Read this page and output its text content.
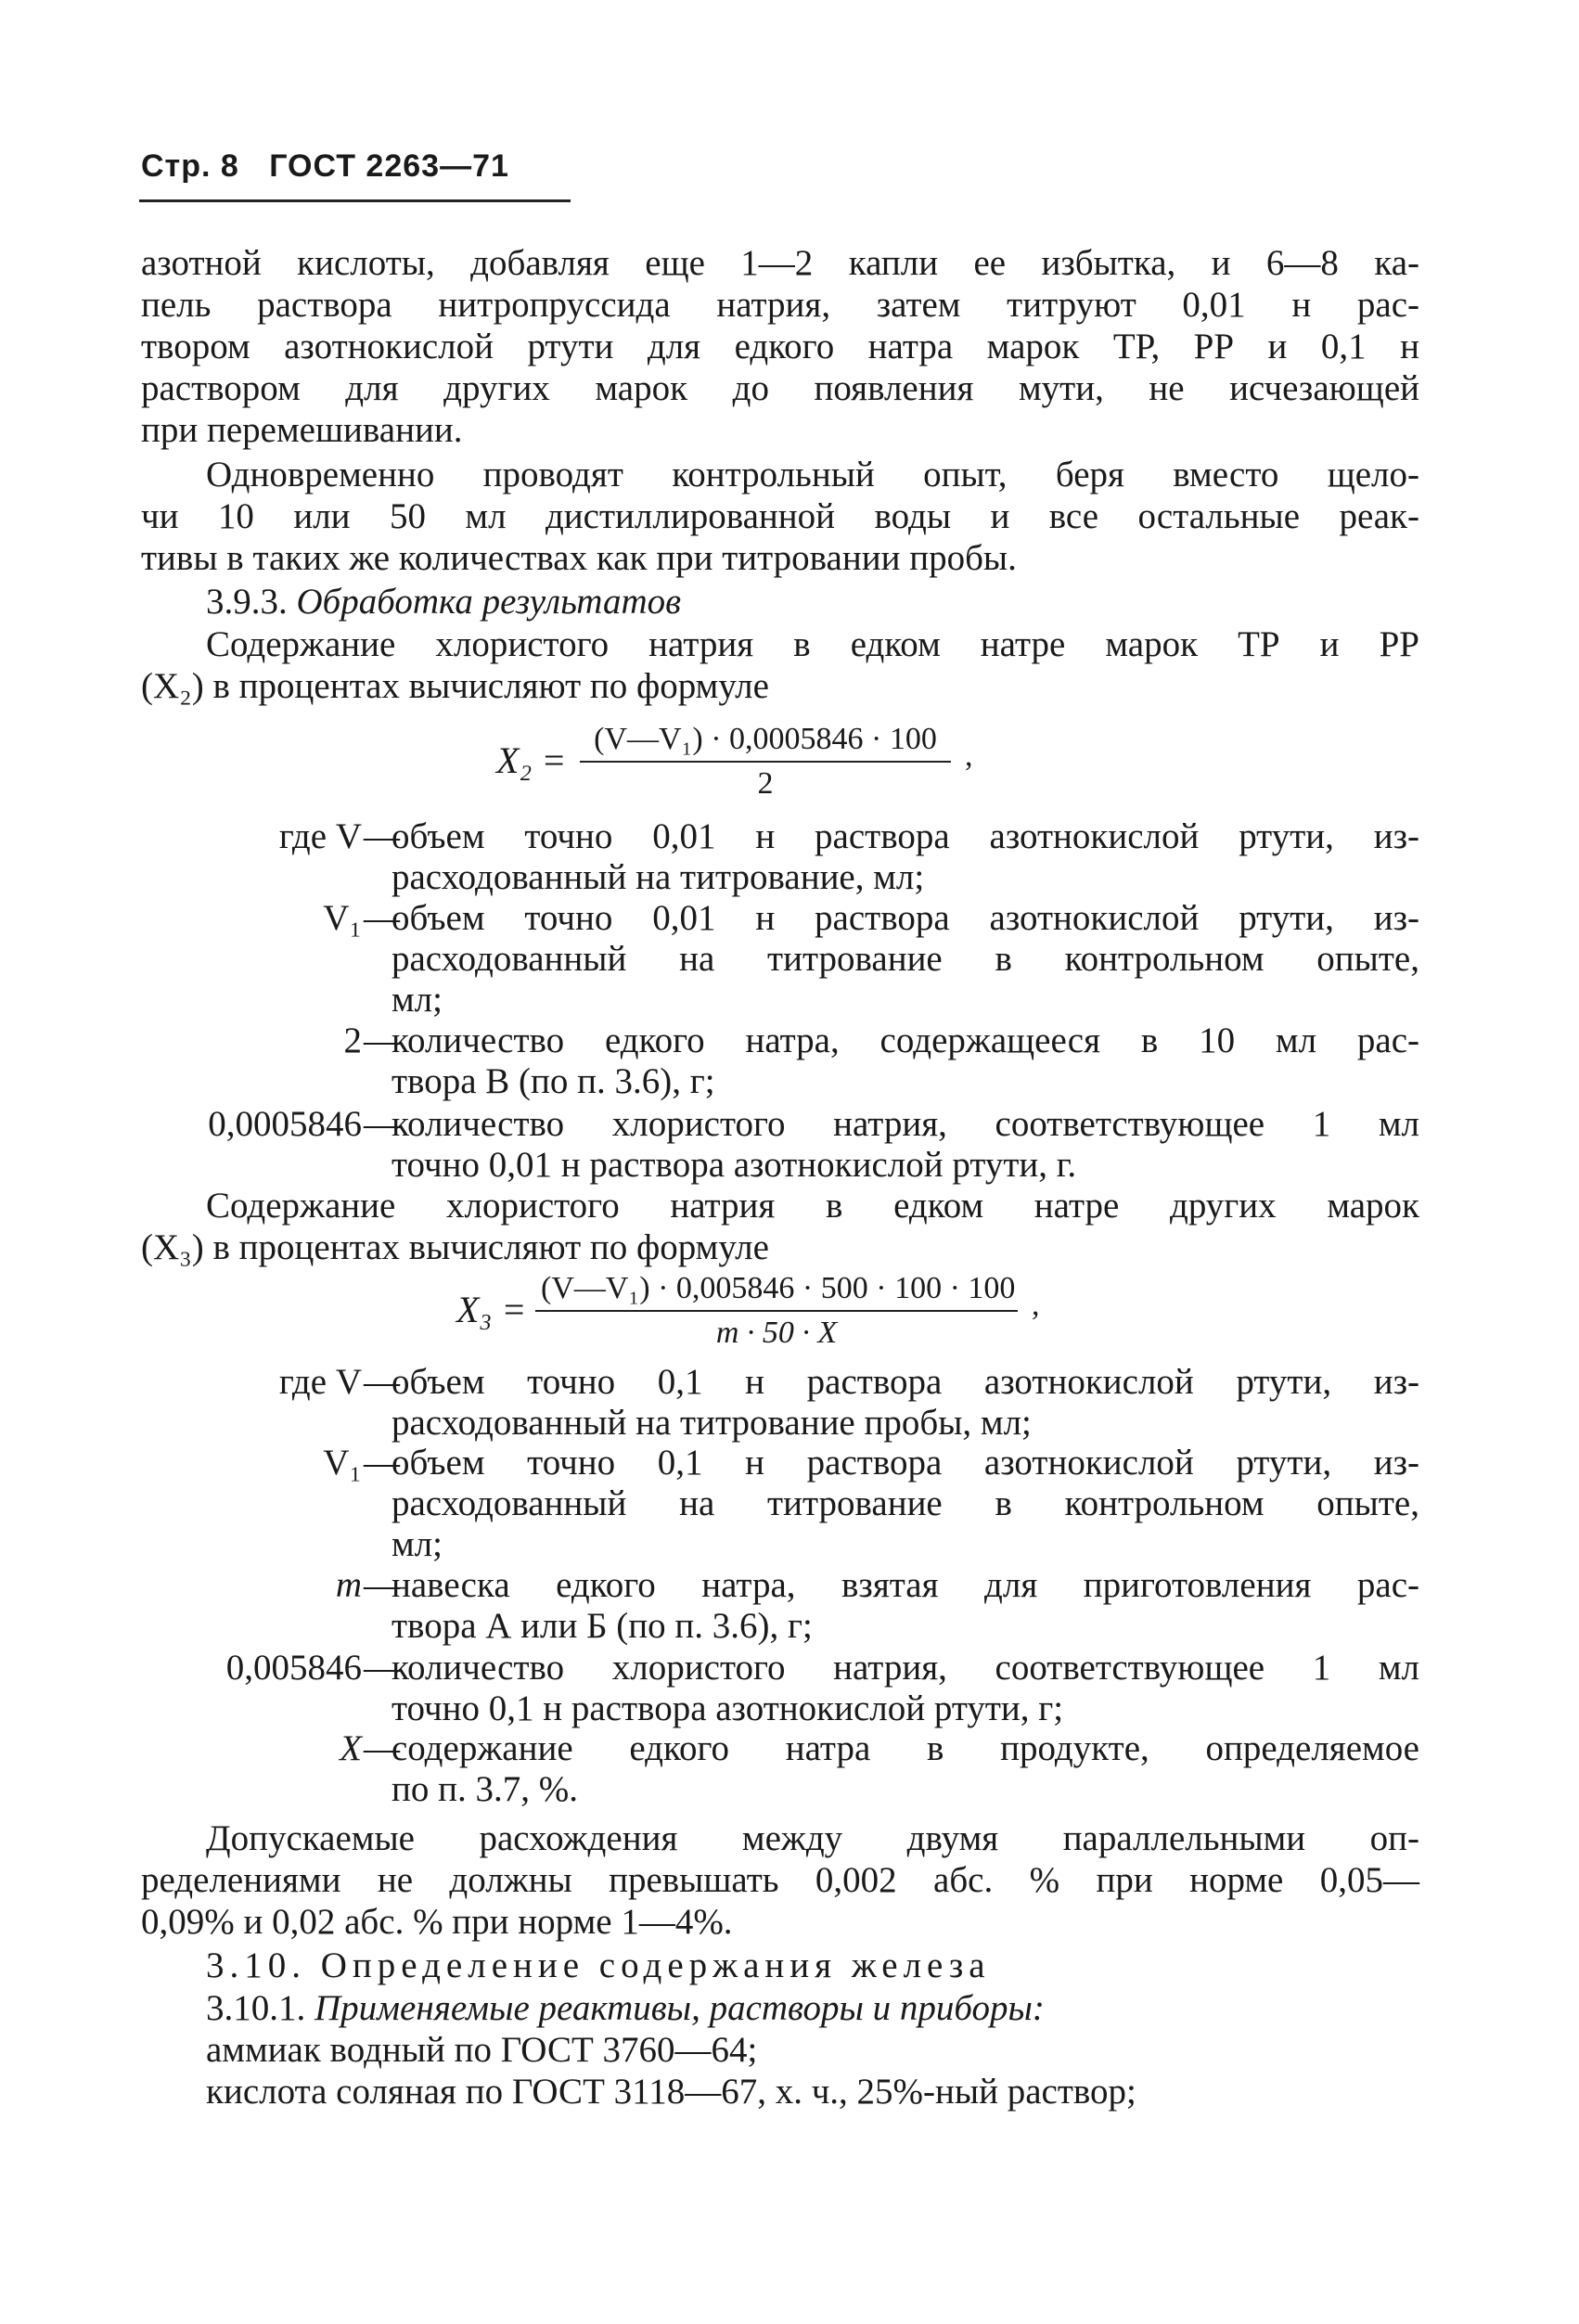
Стр. 8 ГОСТ 2263—71
азотной кислоты, добавляя еще 1—2 капли ее избытка, и 6—8 ка-
пель раствора нитропруссида натрия, затем титруют 0,01 н рас-
твором азотнокислой ртути для едкого натра марок ТР, РР и 0,1 н
раствором для других марок до появления мути, не исчезающей
при перемешивании.
Одновременно проводят контрольный опыт, беря вместо щело-
чи 10 или 50 мл дистиллированной воды и все остальные реак-
тивы в таких же количествах как при титровании пробы.
3.9.3. Обработка результатов
Содержание хлористого натрия в едком натре марок ТР и РР
(X₂) в процентах вычисляют по формуле
$X_2 = \frac{\text{(V—V₁) · 0,0005846 · 100}}{2}$ ,
где V —
объем точно 0,01 н раствора азотнокислой ртути, из-
расходованный на титрование, мл;
V₁ —
объем точно 0,01 н раствора азотнокислой ртути, из-
расходованный на титрование в контрольном опыте,
мл;
2 —
количество едкого натра, содержащееся в 10 мл рас-
твора В (по п. 3.6), г;
0,0005846 —
количество хлористого натрия, соответствующее 1 мл
точно 0,01 н раствора азотнокислой ртути, г.
Содержание хлористого натрия в едком натре других марок
(X₃) в процентах вычисляют по формуле
$X_3 = \frac{\text{(V—V₁) · 0,005846 · 500 · 100 · 100}}{m \cdot 50 \cdot X}$ ,
где V —
объем точно 0,1 н раствора азотнокислой ртути, из-
расходованный на титрование пробы, мл;
V₁ —
объем точно 0,1 н раствора азотнокислой ртути, из-
расходованный на титрование в контрольном опыте,
мл;
m —
навеска едкого натра, взятая для приготовления рас-
твора А или Б (по п. 3.6), г;
0,005846 —
количество хлористого натрия, соответствующее 1 мл
точно 0,1 н раствора азотнокислой ртути, г;
X —
содержание едкого натра в продукте, определяемое
по п. 3.7, %.
Допускаемые расхождения между двумя параллельными оп-
ределениями не должны превышать 0,002 абс. % при норме 0,05—
0,09% и 0,02 абс. % при норме 1—4%.
3.10. Определение содержания железа
3.10.1. Применяемые реактивы, растворы и приборы:
аммиак водный по ГОСТ 3760—64;
кислота соляная по ГОСТ 3118—67, х. ч., 25%-ный раствор;
